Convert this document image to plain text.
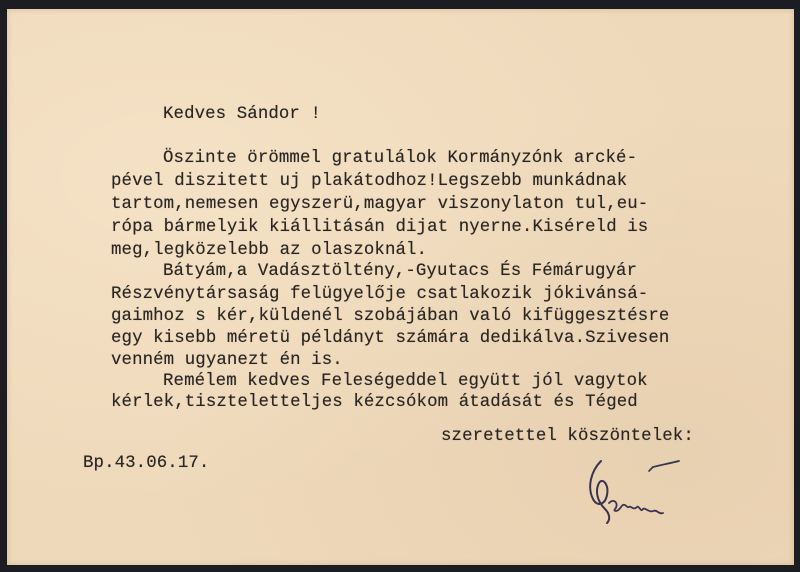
Kedves Sándor !
Öszinte örömmel gratulálok Kormányzónk arcké-
pével diszitett uj plakátodhoz!Legszebb munkádnak
tartom,nemesen egyszerü,magyar viszonylaton tul,eu-
rópa bármelyik kiállitásán dijat nyerne.Kiséreld is
meg,legközelebb az olaszoknál.
Bátyám,a Vadásztöltény,-Gyutacs És Fémárugyár
Részvénytársaság felügyelője csatlakozik jókivánsá-
gaimhoz s kér,küldenél szobájában való kifüggesztésre
egy kisebb méretü példányt számára dedikálva.Szivesen
venném ugyanezt én is.
Remélem kedves Feleségeddel együtt jól vagytok
kérlek,tiszteletteljes kézcsókom átadását és Téged
szeretettel köszöntelek:
Bp.43.06.17.
